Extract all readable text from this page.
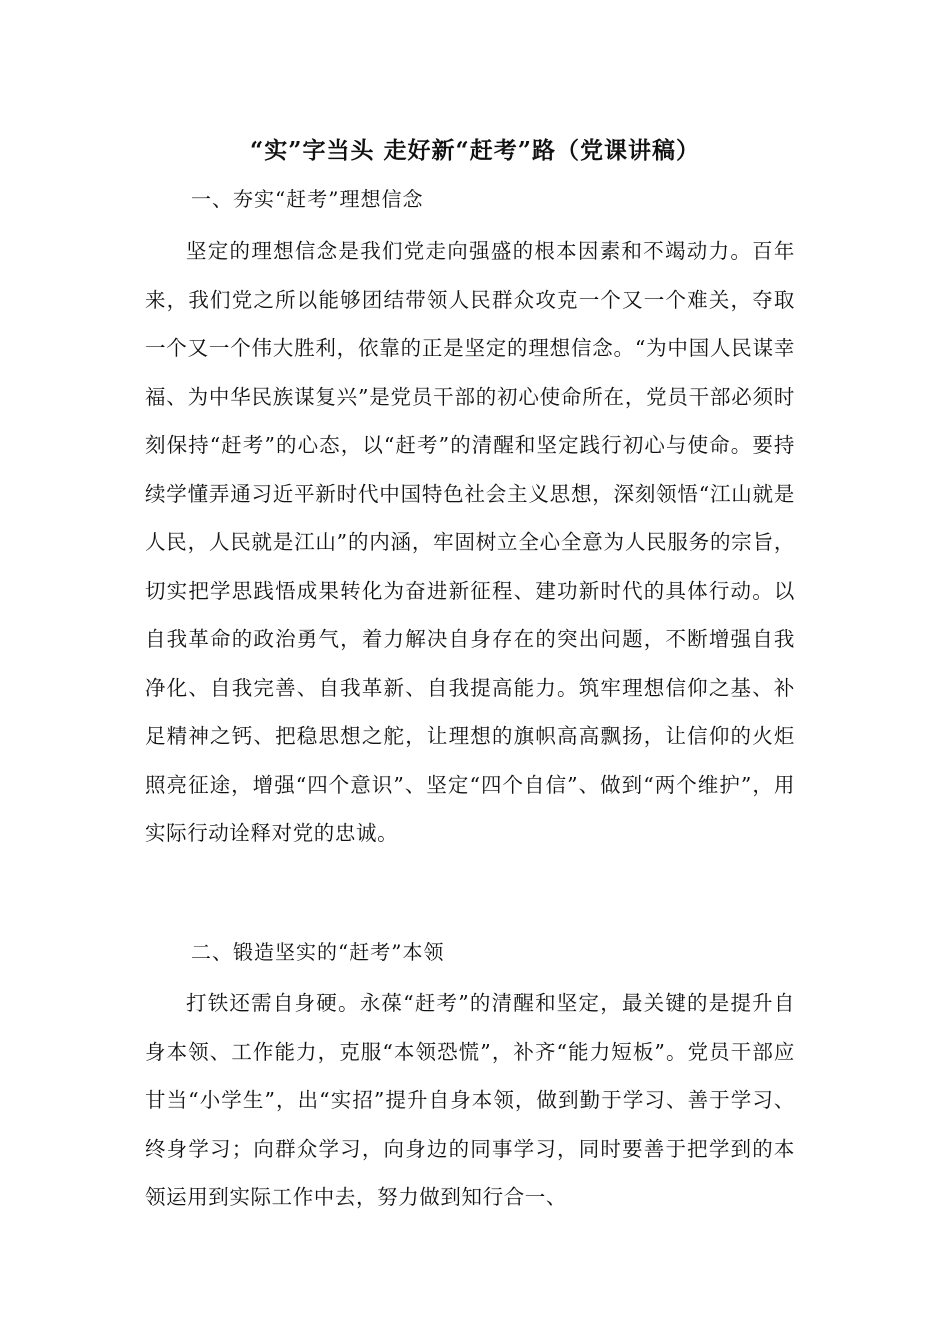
“实”字当头 走好新“赶考”路（党课讲稿）
一、夯实“赶考”理想信念

坚定的理想信念是我们党走向强盛的根本因素和不竭动力。百年来，我们党之所以能够团结带领人民群众攻克一个又一个难关，夺取一个又一个伟大胜利，依靠的正是坚定的理想信念。“为中国人民谋幸福、为中华民族谋复兴”是党员干部的初心使命所在，党员干部必须时刻保持“赶考”的心态，以“赶考”的清醒和坚定践行初心与使命。要持续学懂弄通习近平新时代中国特色社会主义思想，深刻领悟“江山就是人民，人民就是江山”的内涵，牢固树立全心全意为人民服务的宗旨，切实把学思践悟成果转化为奋进新征程、建功新时代的具体行动。以自我革命的政治勇气，着力解决自身存在的突出问题，不断增强自我净化、自我完善、自我革新、自我提高能力。筑牢理想信仰之基、补足精神之钙、把稳思想之舵，让理想的旗帜高高飘扬，让信仰的火炬照亮征途，增强“四个意识”、坚定“四个自信”、做到“两个维护”，用实际行动诠释对党的忠诚。

二、锻造坚实的“赶考”本领

打铁还需自身硬。永葆“赶考”的清醒和坚定，最关键的是提升自身本领、工作能力，克服“本领恐慌”，补齐“能力短板”。党员干部应甘当“小学生”，出“实招”提升自身本领，做到勤于学习、善于学习、终身学习；向群众学习，向身边的同事学习，同时要善于把学到的本领运用到实际工作中去，努力做到知行合一、
